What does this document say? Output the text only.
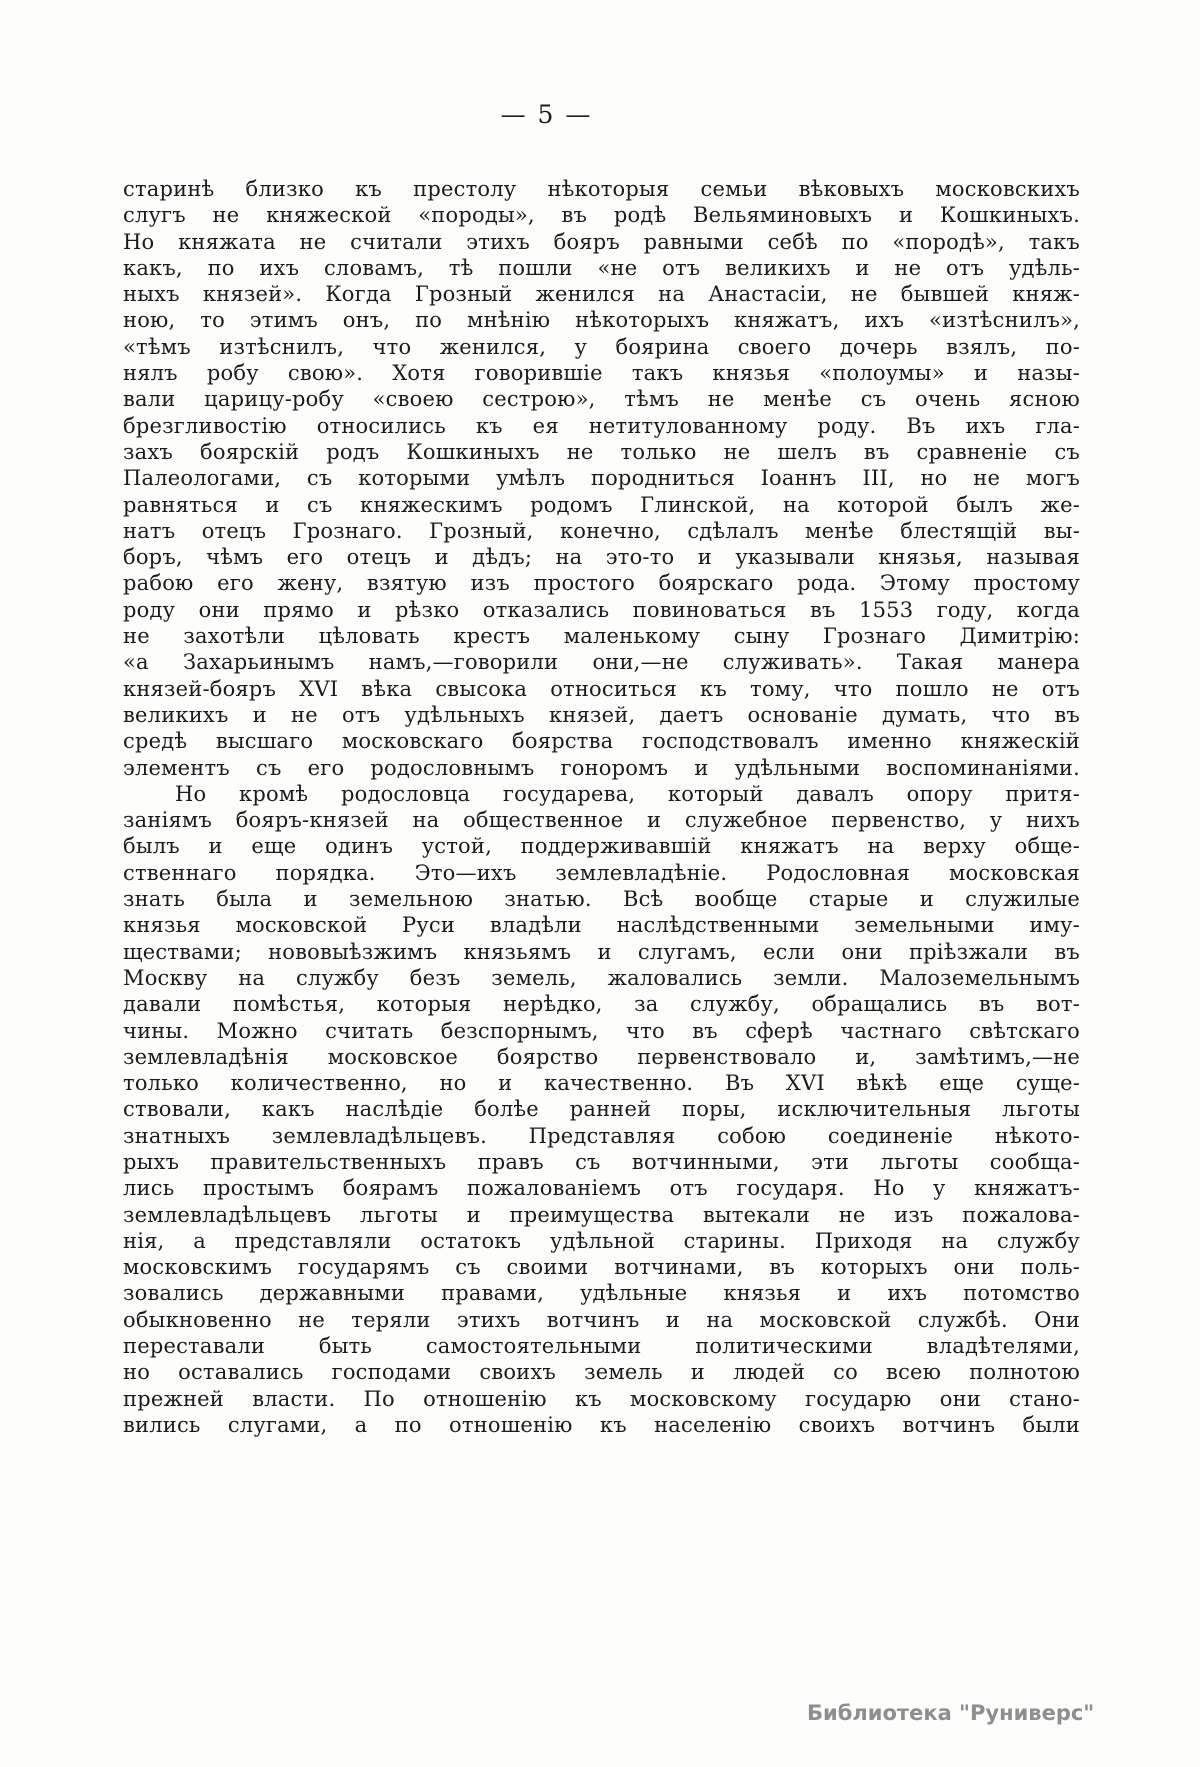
— 5 —
старинѣ близко къ престолу нѣкоторыя семьи вѣковыхъ московскихъ
слугъ не княжеской «породы», въ родѣ Вельяминовыхъ и Кошкиныхъ.
Но княжата не считали этихъ бояръ равными себѣ по «породѣ», такъ
какъ, по ихъ словамъ, тѣ пошли «не отъ великихъ и не отъ удѣль-
ныхъ князей». Когда Грозный женился на Анастасіи, не бывшей княж-
ною, то этимъ онъ, по мнѣнію нѣкоторыхъ княжатъ, ихъ «изтѣснилъ»,
«тѣмъ изтѣснилъ, что женился, у боярина своего дочерь взялъ, по-
нялъ робу свою». Хотя говорившіе такъ князья «полоумы» и назы-
вали царицу-робу «своею сестрою», тѣмъ не менѣе съ очень ясною
брезгливостію относились къ ея нетитулованному роду. Въ ихъ гла-
захъ боярскій родъ Кошкиныхъ не только не шелъ въ сравненіе съ
Палеологами, съ которыми умѣлъ породниться Іоаннъ III, но не могъ
равняться и съ княжескимъ родомъ Глинской, на которой былъ же-
натъ отецъ Грознаго. Грозный, конечно, сдѣлалъ менѣе блестящій вы-
боръ, чѣмъ его отецъ и дѣдъ; на это-то и указывали князья, называя
рабою его жену, взятую изъ простого боярскаго рода. Этому простому
роду они прямо и рѣзко отказались повиноваться въ 1553 году, когда
не захотѣли цѣловать крестъ маленькому сыну Грознаго Димитрію:
«а Захарьинымъ намъ,—говорили они,—не служивать». Такая манера
князей-бояръ XVI вѣка свысока относиться къ тому, что пошло не отъ
великихъ и не отъ удѣльныхъ князей, даетъ основаніе думать, что въ
средѣ высшаго московскаго боярства господствовалъ именно княжескій
элементъ съ его родословнымъ гоноромъ и удѣльными воспоминаніями.
Но кромѣ родословца государева, который давалъ опору притя-
заніямъ бояръ-князей на общественное и служебное первенство, у нихъ
былъ и еще одинъ устой, поддерживавшій княжатъ на верху обще-
ственнаго порядка. Это—ихъ землевладѣніе. Родословная московская
знать была и земельною знатью. Всѣ вообще старые и служилые
князья московской Руси владѣли наслѣдственными земельными иму-
ществами; нововыѣзжимъ князьямъ и слугамъ, если они пріѣзжали въ
Москву на службу безъ земель, жаловались земли. Малоземельнымъ
давали помѣстья, которыя нерѣдко, за службу, обращались въ вот-
чины. Можно считать безспорнымъ, что въ сферѣ частнаго свѣтскаго
землевладѣнія московское боярство первенствовало и, замѣтимъ,—не
только количественно, но и качественно. Въ XVI вѣкѣ еще суще-
ствовали, какъ наслѣдіе болѣе ранней поры, исключительныя льготы
знатныхъ землевладѣльцевъ. Представляя собою соединеніе нѣкото-
рыхъ правительственныхъ правъ съ вотчинными, эти льготы сообща-
лись простымъ боярамъ пожалованіемъ отъ государя. Но у княжатъ-
землевладѣльцевъ льготы и преимущества вытекали не изъ пожалова-
нія, а представляли остатокъ удѣльной старины. Приходя на службу
московскимъ государямъ съ своими вотчинами, въ которыхъ они поль-
зовались державными правами, удѣльные князья и ихъ потомство
обыкновенно не теряли этихъ вотчинъ и на московской службѣ. Они
переставали быть самостоятельными политическими владѣтелями,
но оставались господами своихъ земель и людей со всею полнотою
прежней власти. По отношенію къ московскому государю они стано-
вились слугами, а по отношенію къ населенію своихъ вотчинъ были
Библиотека "Руниверс"
